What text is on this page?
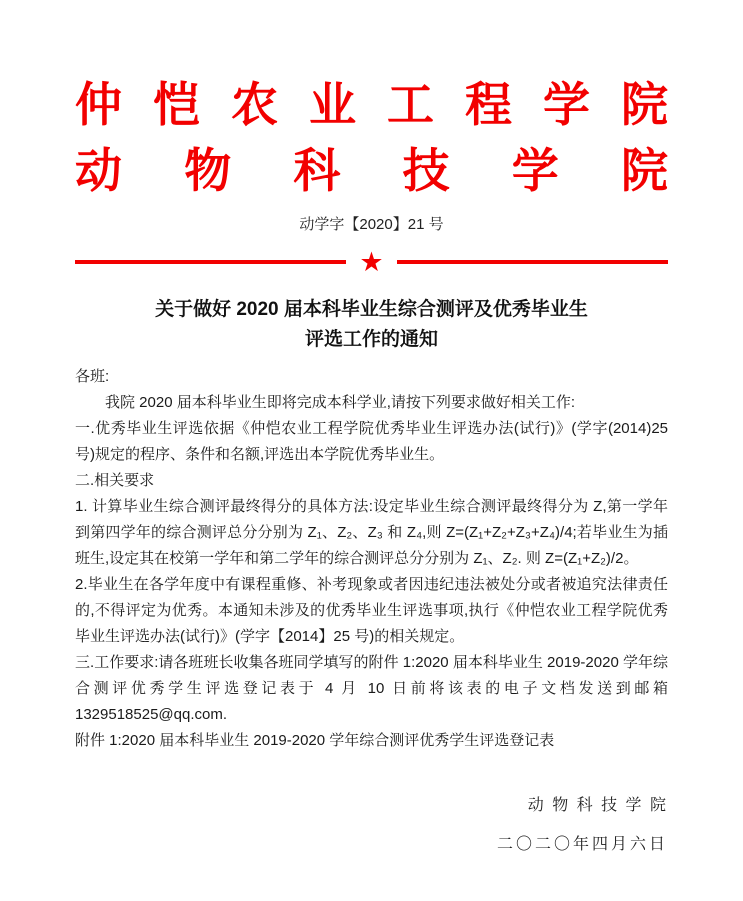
仲 恺 农 业 工 程 学 院
动 物 科 技 学 院
动学字【2020】21 号
★
关于做好 2020 届本科毕业生综合测评及优秀毕业生
评选工作的通知

各班:

我院 2020 届本科毕业生即将完成本科学业,请按下列要求做好相关工作:

一.优秀毕业生评选依据《仲恺农业工程学院优秀毕业生评选办法(试行)》(学字(2014)25 号)规定的程序、条件和名额,评选出本学院优秀毕业生。

二.相关要求

1. 计算毕业生综合测评最终得分的具体方法:设定毕业生综合测评最终得分为 Z,第一学年到第四学年的综合测评总分分别为 Z₁、Z₂、Z₃ 和 Z₄,则 Z=(Z₁+Z₂+Z₃+Z₄)/4;若毕业生为插班生,设定其在校第一学年和第二学年的综合测评总分分别为 Z₁、Z₂. 则 Z=(Z₁+Z₂)/2。

2.毕业生在各学年度中有课程重修、补考现象或者因违纪违法被处分或者被追究法律责任的,不得评定为优秀。本通知未涉及的优秀毕业生评选事项,执行《仲恺农业工程学院优秀毕业生评选办法(试行)》(学字【2014】25 号)的相关规定。

三.工作要求:请各班班长收集各班同学填写的附件 1:2020 届本科毕业生 2019-2020 学年综合测评优秀学生评选登记表于 4 月 10 日前将该表的电子文档发送到邮箱 1329518525@qq.com.

附件 1:2020 届本科毕业生 2019-2020 学年综合测评优秀学生评选登记表

动 物 科 技 学 院
二〇二〇年四月六日
